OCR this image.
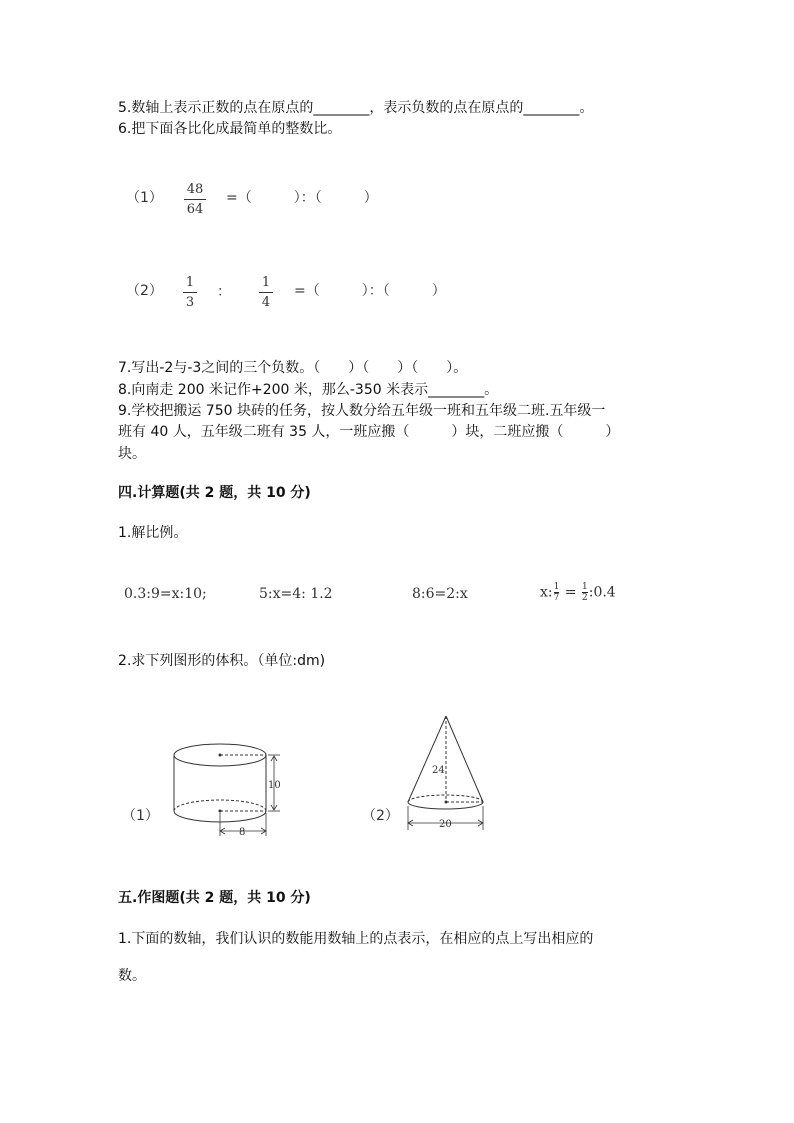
5.数轴上表示正数的点在原点的________，表示负数的点在原点的________。
6.把下面各比化成最简单的整数比。
（1）
48
64
=（　　　）：（　　　）
（2）
1
3
：
1
4
=（　　　）：（　　　）
7.写出-2与-3之间的三个负数。（　　）（　　）（　　）。
8.向南走 200 米记作+200 米，那么-350 米表示________。
9.学校把搬运 750 块砖的任务，按人数分给五年级一班和五年级二班.五年级一
班有 40 人，五年级二班有 35 人，一班应搬（　　　）块，二班应搬（　　　）
块。
四.计算题(共 2 题，共 10 分)
1.解比例。
0.3:9=x:10;	5:x=4: 1.2	8:6=2:x	$x:\frac{1}{7}$ = $\frac{1}{2}:0.4$
2.求下列图形的体积。（单位:dm)
（1）
10
8
（2）
24
20
五.作图题(共 2 题，共 10 分)
1.下面的数轴，我们认识的数能用数轴上的点表示，在相应的点上写出相应的
数。
